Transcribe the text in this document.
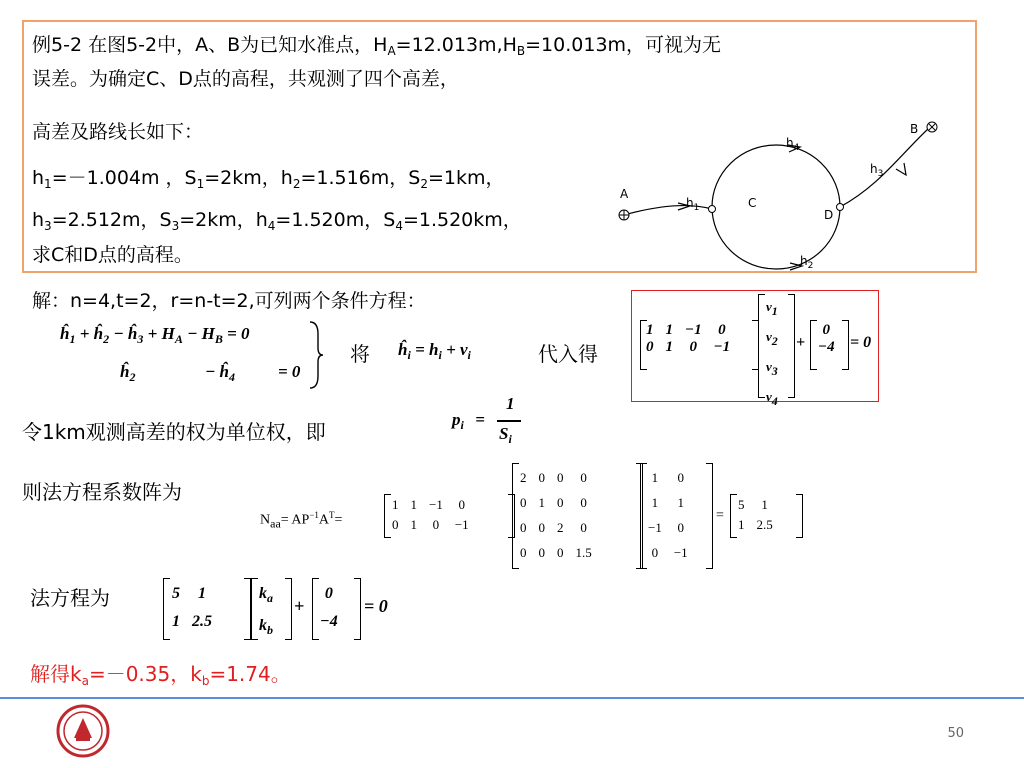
例5-2 在图5-2中，A、B为已知水准点，$H_A=12.013m,H_B=10.013m$，可视为无
误差。为确定C、D点的高程，共观测了四个高差，
高差及路线长如下：
$h_1=-1.004m$ ，$S_1=2km$，$h_2=1.516m$，$S_2=1km$，
$h_3=2.512m$，$S_3=2km$，$h_4=1.520m$，$S_4=1.520km$，
求C和D点的高程。
A
B
C
D
$h_1$
$h_2$
$h_3$
$h_4$
解：n=4,t=2，r=n-t=2,可列两个条件方程：
$ĥ_1$ + $ĥ_2$ − $ĥ_3 + H_A - H_B = 0$
$ĥ_2$	− $ĥ_4$	= 0
将 $ĥ_i = h_i + v_i$	代入得
1	1	−1	0
0	1	0	−1
$v_1$
$v_2$
$v_3$
$v_4$
+
0
−4 = 0
令1km观测高差的权为单位权，即
$p_i$ =
1
$S_i$
则法方程系数阵为
$N_{aa}= AP^{-1}A^T=$
1	1	−1	0
0	1	0	−1
2	0	0	0
0	1	0	0
0	0	2	0
0	0	0	1.5
1	0
1	1
−1	0
0	−1
=
5	1
1	2.5
法方程为	5	1
1	2.5
$k_a$
$k_b$
+
0
−4
= 0
解得$k_a=-0.35$，$k_b=1.74$。
50
